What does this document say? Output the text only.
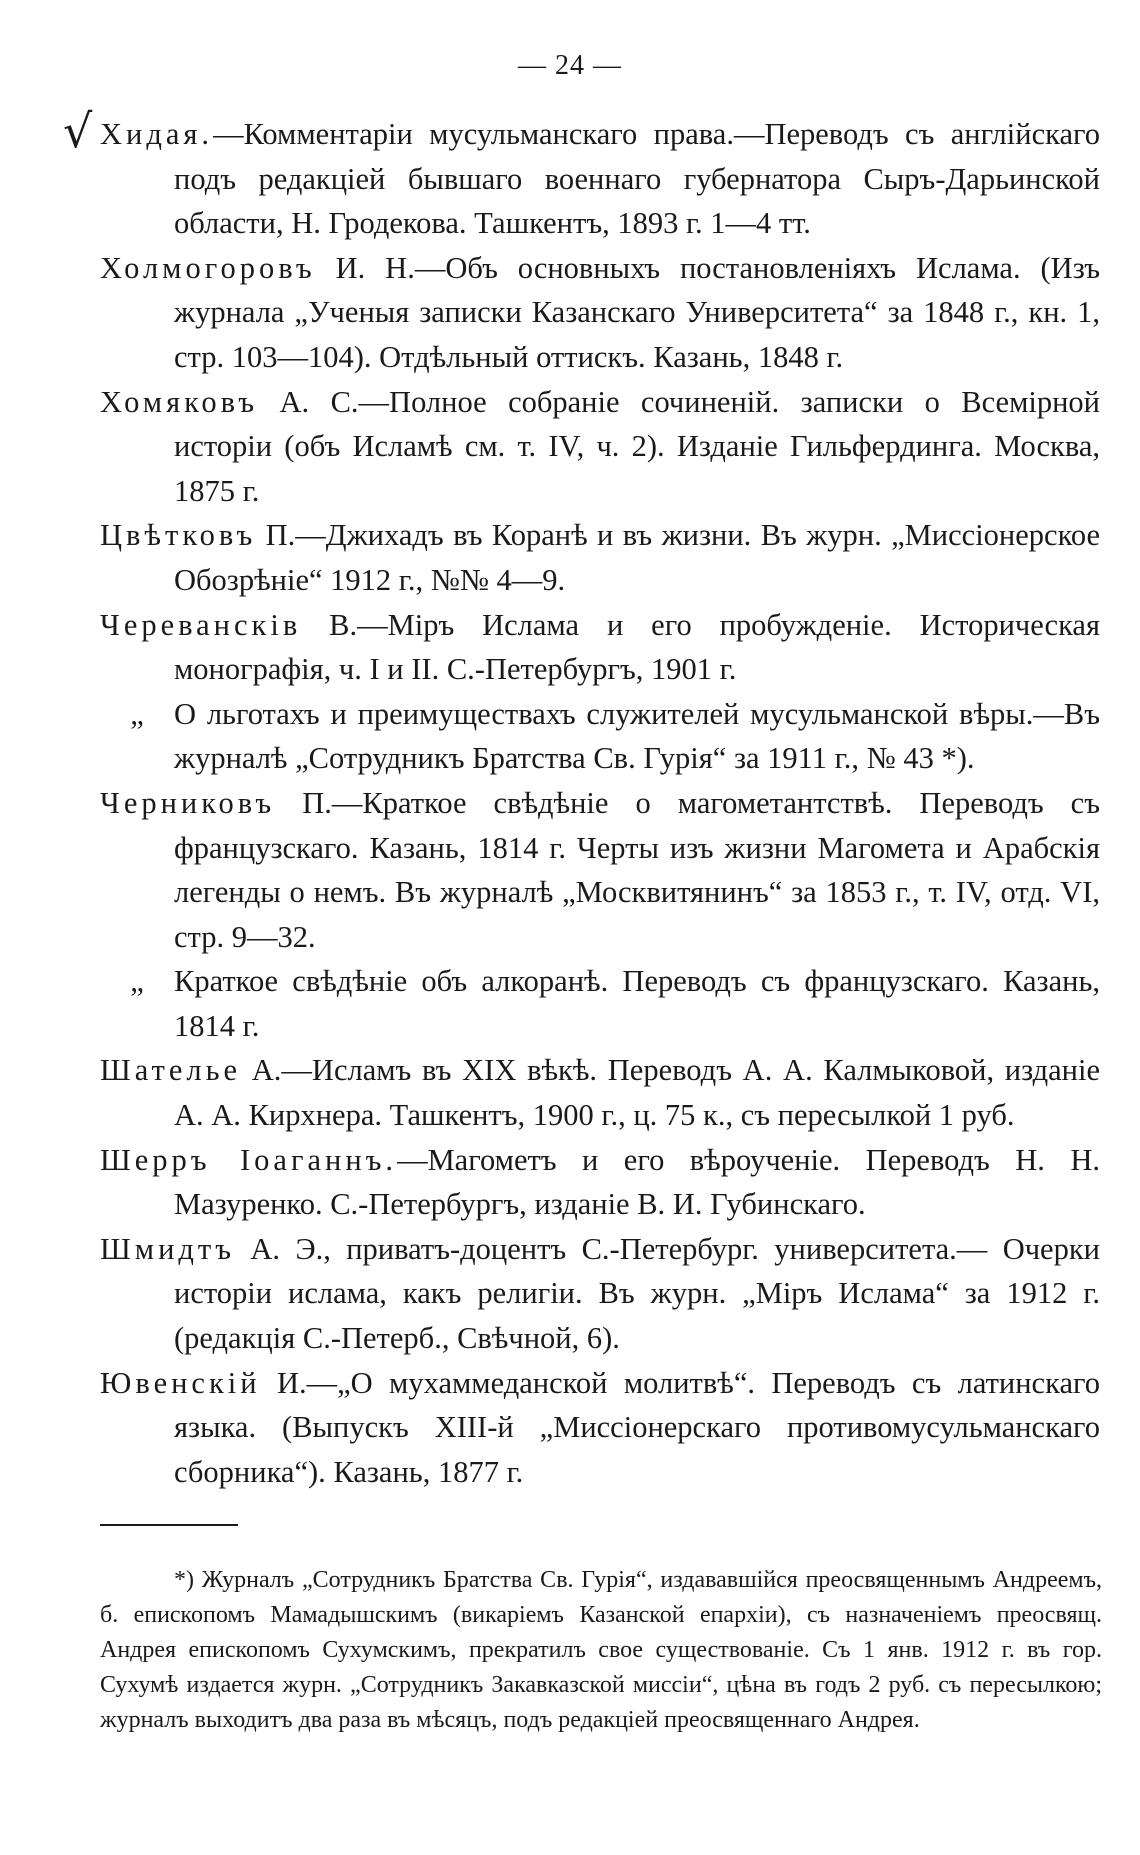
— 24 —
√ Хидая.—Комментаріи мусульманскаго права.—Переводъ съ англійскаго подъ редакціей бывшаго военнаго губернатора Сыръ-Дарьинской области, Н. Гродекова. Ташкентъ, 1893 г. 1—4 тт.

Холмогоровъ И. Н.—Объ основныхъ постановленіяхъ Ислама. (Изъ журнала „Ученыя записки Казанскаго Университета“ за 1848 г., кн. 1, стр. 103—104). Отдѣльный оттискъ. Казань, 1848 г.

Хомяковъ А. С.—Полное собраніе сочиненій. записки о Всемірной исторіи (объ Исламѣ см. т. IV, ч. 2). Изданіе Гильфердинга. Москва, 1875 г.

Цвѣтковъ П.—Джихадъ въ Коранѣ и въ жизни. Въ журн. „Миссіонерское Обозрѣніе“ 1912 г., №№ 4—9.

Черевансків В.—Міръ Ислама и его пробужденіе. Историческая монографія, ч. I и II. С.-Петербургъ, 1901 г.

„ О льготахъ и преимуществахъ служителей мусульманской вѣры.—Въ журналѣ „Сотрудникъ Братства Св. Гурія“ за 1911 г., № 43 *).

Черниковъ П.—Краткое свѣдѣніе о магометантствѣ. Переводъ съ французскаго. Казань, 1814 г. Черты изъ жизни Магомета и Арабскія легенды о немъ. Въ журналѣ „Москвитянинъ“ за 1853 г., т. IV, отд. VI, стр. 9—32.

„ Краткое свѣдѣніе объ алкоранѣ. Переводъ съ французскаго. Казань, 1814 г.

Шателье А.—Исламъ въ XIX вѣкѣ. Переводъ А. А. Калмыковой, изданіе А. А. Кирхнера. Ташкентъ, 1900 г., ц. 75 к., съ пересылкой 1 руб.

Шерръ Іоаганнъ.—Магометъ и его вѣроученіе. Переводъ Н. Н. Мазуренко. С.-Петербургъ, изданіе В. И. Губинскаго.

Шмидтъ А. Э., приватъ-доцентъ С.-Петербург. университета.— Очерки исторіи ислама, какъ религіи. Въ журн. „Міръ Ислама“ за 1912 г. (редакція С.-Петерб., Свѣчной, 6).

Ювенскій И.—„О мухаммеданской молитвѣ“. Переводъ съ латинскаго языка. (Выпускъ XIII-й „Миссіонерскаго противомусульманскаго сборника“). Казань, 1877 г.

*) Журналъ „Сотрудникъ Братства Св. Гурія“, издававшійся преосвященнымъ Андреемъ, б. епископомъ Мамадышскимъ (викаріемъ Казанской епархіи), съ назначеніемъ преосвящ. Андрея епископомъ Сухумскимъ, прекратилъ свое существованіе. Съ 1 янв. 1912 г. въ гор. Сухумѣ издается журн. „Сотрудникъ Закавказской миссіи“, цѣна въ годъ 2 руб. съ пересылкою; журналъ выходитъ два раза въ мѣсяцъ, подъ редакціей преосвященнаго Андрея.
